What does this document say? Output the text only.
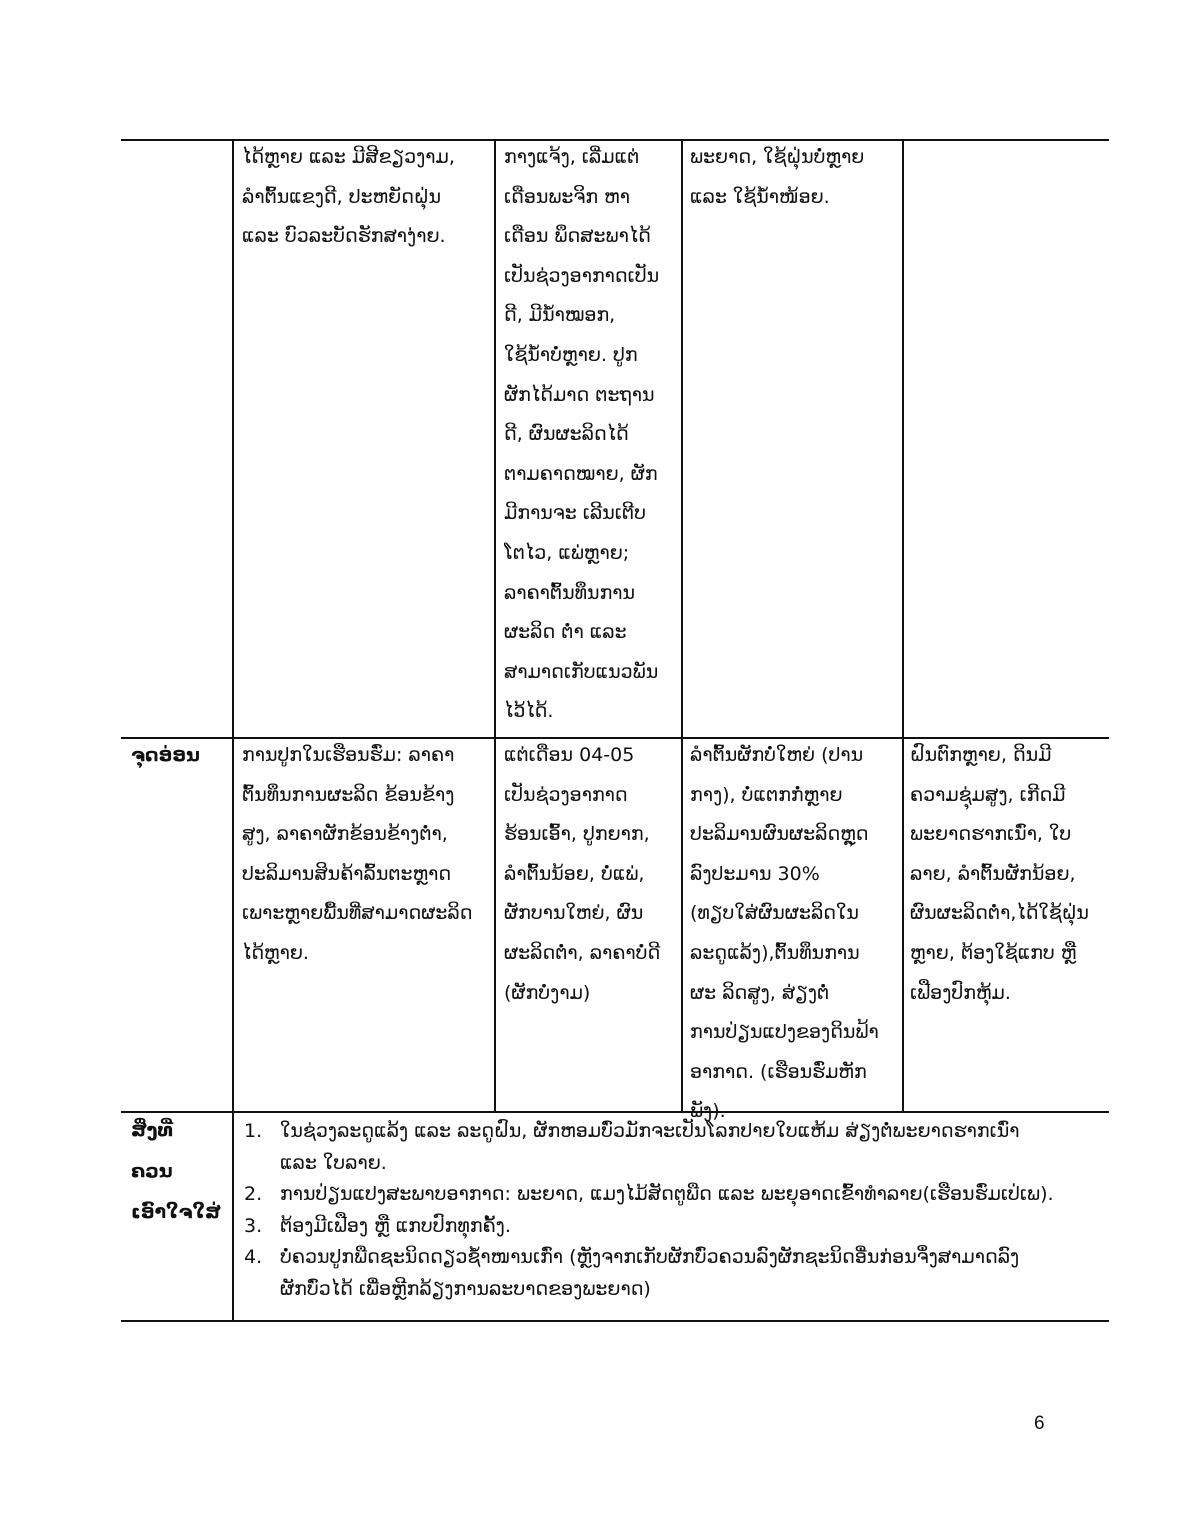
ໄດ້ຫຼາຍ ແລະ ມີສີຂຽວງາມ,
ລຳຕົ້ນແຂງດີ, ປະຫຍັດຝຸ່ນ
ແລະ ບົວລະບັດຮັກສາງ່າຍ.
ກາງແຈ້ງ, ເລີ່ມແຕ່
ເດືອນພະຈິກ ຫາ
ເດືອນ ພຶດສະພາໄດ້
ເປັນຊ່ວງອາກາດເປັນ
ດີ, ມີນ້ຳໝອກ,
ໃຊ້ນ້ຳບໍ່ຫຼາຍ. ປູກ
ຜັກໄດ້ມາດ ຕະຖານ
ດີ, ຜົນຜະລິດໄດ້
ຕາມຄາດໝາຍ, ຜັກ
ມີການຈະ ເລີນເຕີບ
ໂຕໄວ, ແພ່ຫຼາຍ;
ລາຄາຕົ້ນທຶນການ
ຜະລິດ ຕ່ຳ ແລະ
ສາມາດເກັບແນວພັນ
ໄວ້ໄດ້.
ພະຍາດ, ໃຊ້ຝຸ່ນບໍ່ຫຼາຍ
ແລະ ໃຊ້ນ້ຳໜ້ອຍ.
ຈຸດອ່ອນ	ການປູກໃນເຮືອນຮົ່ມ: ລາຄາ
ຕົ້ນທຶນການຜະລິດ ຂ້ອນຂ້າງ
ສູງ, ລາຄາຜັກຂ້ອນຂ້າງຕ່ຳ,
ປະລິມານສິນຄ້າລົ້ນຕະຫຼາດ
ເພາະຫຼາຍພື້ນທີ່ສາມາດຜະລິດ
ໄດ້ຫຼາຍ.
ແຕ່ເດືອນ 04-05
ເປັນຊ່ວງອາກາດ
ຮ້ອນເອົ້າ, ປູກຍາກ,
ລຳຕົ້ນນ້ອຍ, ບໍ່ແພ່,
ຜັກບານໃຫຍ່, ຜົນ
ຜະລິດຕ່ຳ, ລາຄາບໍ່ດີ
(ຜັກບໍ່ງາມ)
ລຳຕົ້ນຜັກບໍ່ໃຫຍ່ (ປານ
ກາງ), ບໍ່ແຕກກໍ່ຫຼາຍ
ປະລິມານຜົນຜະລິດຫຼຸດ
ລົງປະມານ 30%
(ທຽບໃສ່ຜົນຜະລິດໃນ
ລະດູແລ້ງ),ຕົ້ນທຶນການ
ຜະ ລິດສູງ, ສ່ຽງຕໍ່
ການປ່ຽນແປງຂອງດິນຟ້າ
ອາກາດ. (ເຮືອນຮົ່ມຫັກ
ພັງ).
ຝົນຕົກຫຼາຍ, ດິນມີ
ຄວາມຊຸ່ມສູງ, ເກີດມີ
ພະຍາດຮາກເນົ່າ, ໃບ
ລາຍ, ລຳຕົ້ນຜັກນ້ອຍ,
ຜົນຜະລິດຕ່ຳ,ໄດ້ໃຊ້ຝຸ່ນ
ຫຼາຍ, ຕ້ອງໃຊ້ແກບ ຫຼື
ເຟືອງປົກຫຸ້ມ.
ສິ່ງທີ່
ຄວນ
ເອົາໃຈໃສ່
1. ໃນຊ່ວງລະດູແລ້ງ ແລະ ລະດູຝົນ, ຜັກຫອມບົ່ວມັກຈະເປັນໂລກປາຍໃບແຫ້ມ ສ່ຽງຕໍ່ພະຍາດຮາກເນົ່າ
ແລະ ໃບລາຍ.
2. ການປ່ຽນແປງສະພາບອາກາດ: ພະຍາດ, ແມງໄມ້ສັດຕູພືດ ແລະ ພະຍຸອາດເຂົ້າທຳລາຍ(ເຮືອນຮົ່ມເປ່ເພ).
3. ຕ້ອງມີເຟືອງ ຫຼື ແກບປົກທຸກຄັ້ງ.
4. ບໍ່ຄວນປູກພືດຊະນິດດຽວຊ້ຳໜານເກົ່າ (ຫຼັງຈາກເກັບຜັກບົ່ວຄວນລົງຜັກຊະນິດອື່ນກ່ອນຈຶ່ງສາມາດລົງ
ຜັກບົ່ວໄດ້ ເພື່ອຫຼີກລ້ຽງການລະບາດຂອງພະຍາດ)
6
